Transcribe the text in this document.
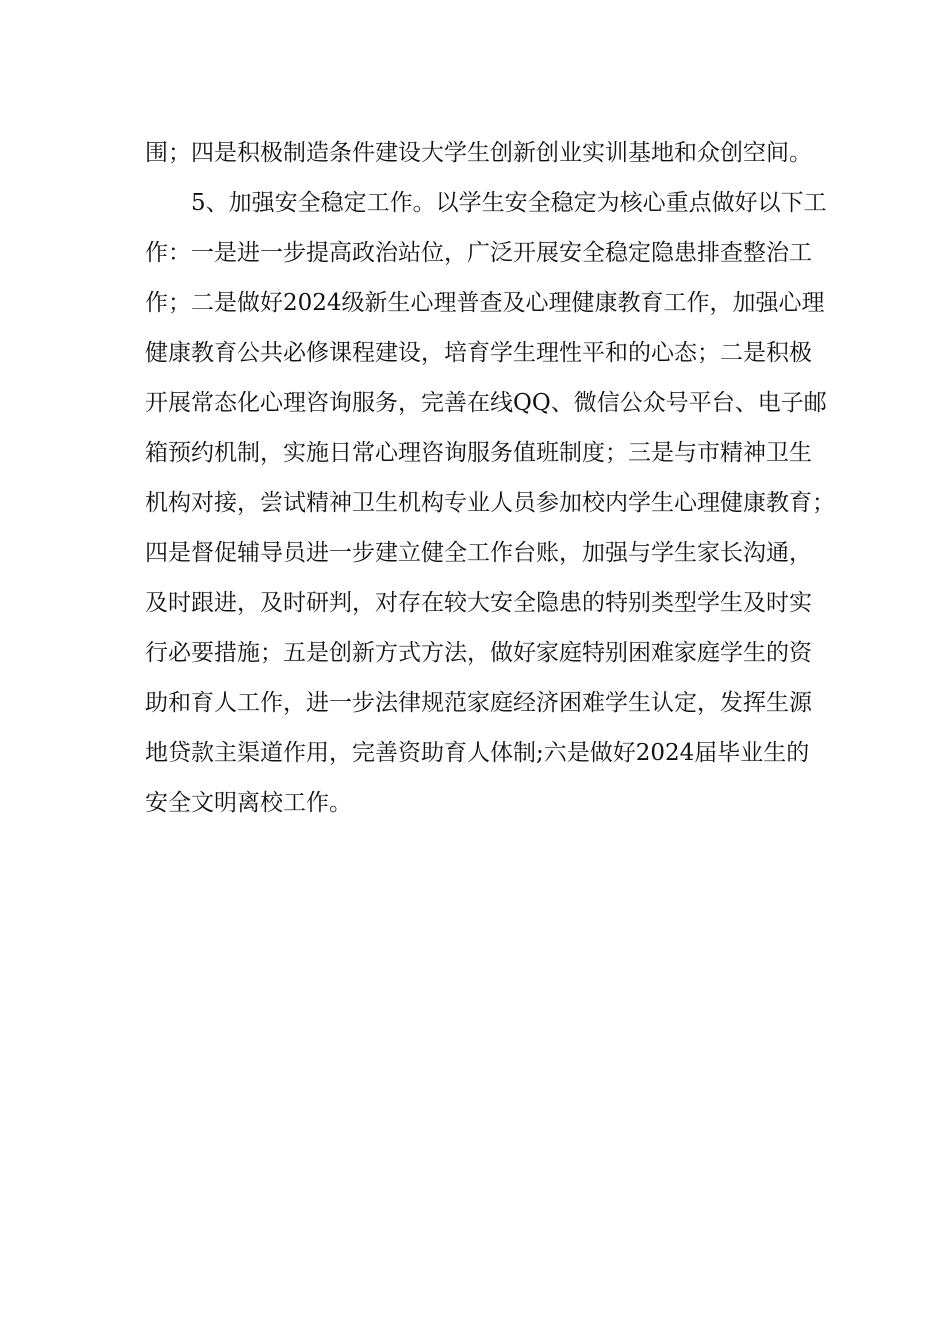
围；四是积极制造条件建设大学生创新创业实训基地和众创空间。
5、加强安全稳定工作。以学生安全稳定为核心重点做好以下工
作：一是进一步提高政治站位，广泛开展安全稳定隐患排查整治工
作；二是做好2024级新生心理普查及心理健康教育工作，加强心理
健康教育公共必修课程建设，培育学生理性平和的心态；二是积极
开展常态化心理咨询服务，完善在线QQ、微信公众号平台、电子邮
箱预约机制，实施日常心理咨询服务值班制度；三是与市精神卫生
机构对接，尝试精神卫生机构专业人员参加校内学生心理健康教育；
四是督促辅导员进一步建立健全工作台账，加强与学生家长沟通，
及时跟进，及时研判，对存在较大安全隐患的特别类型学生及时实
行必要措施；五是创新方式方法，做好家庭特别困难家庭学生的资
助和育人工作，进一步法律规范家庭经济困难学生认定，发挥生源
地贷款主渠道作用，完善资助育人体制;六是做好2024届毕业生的
安全文明离校工作。
